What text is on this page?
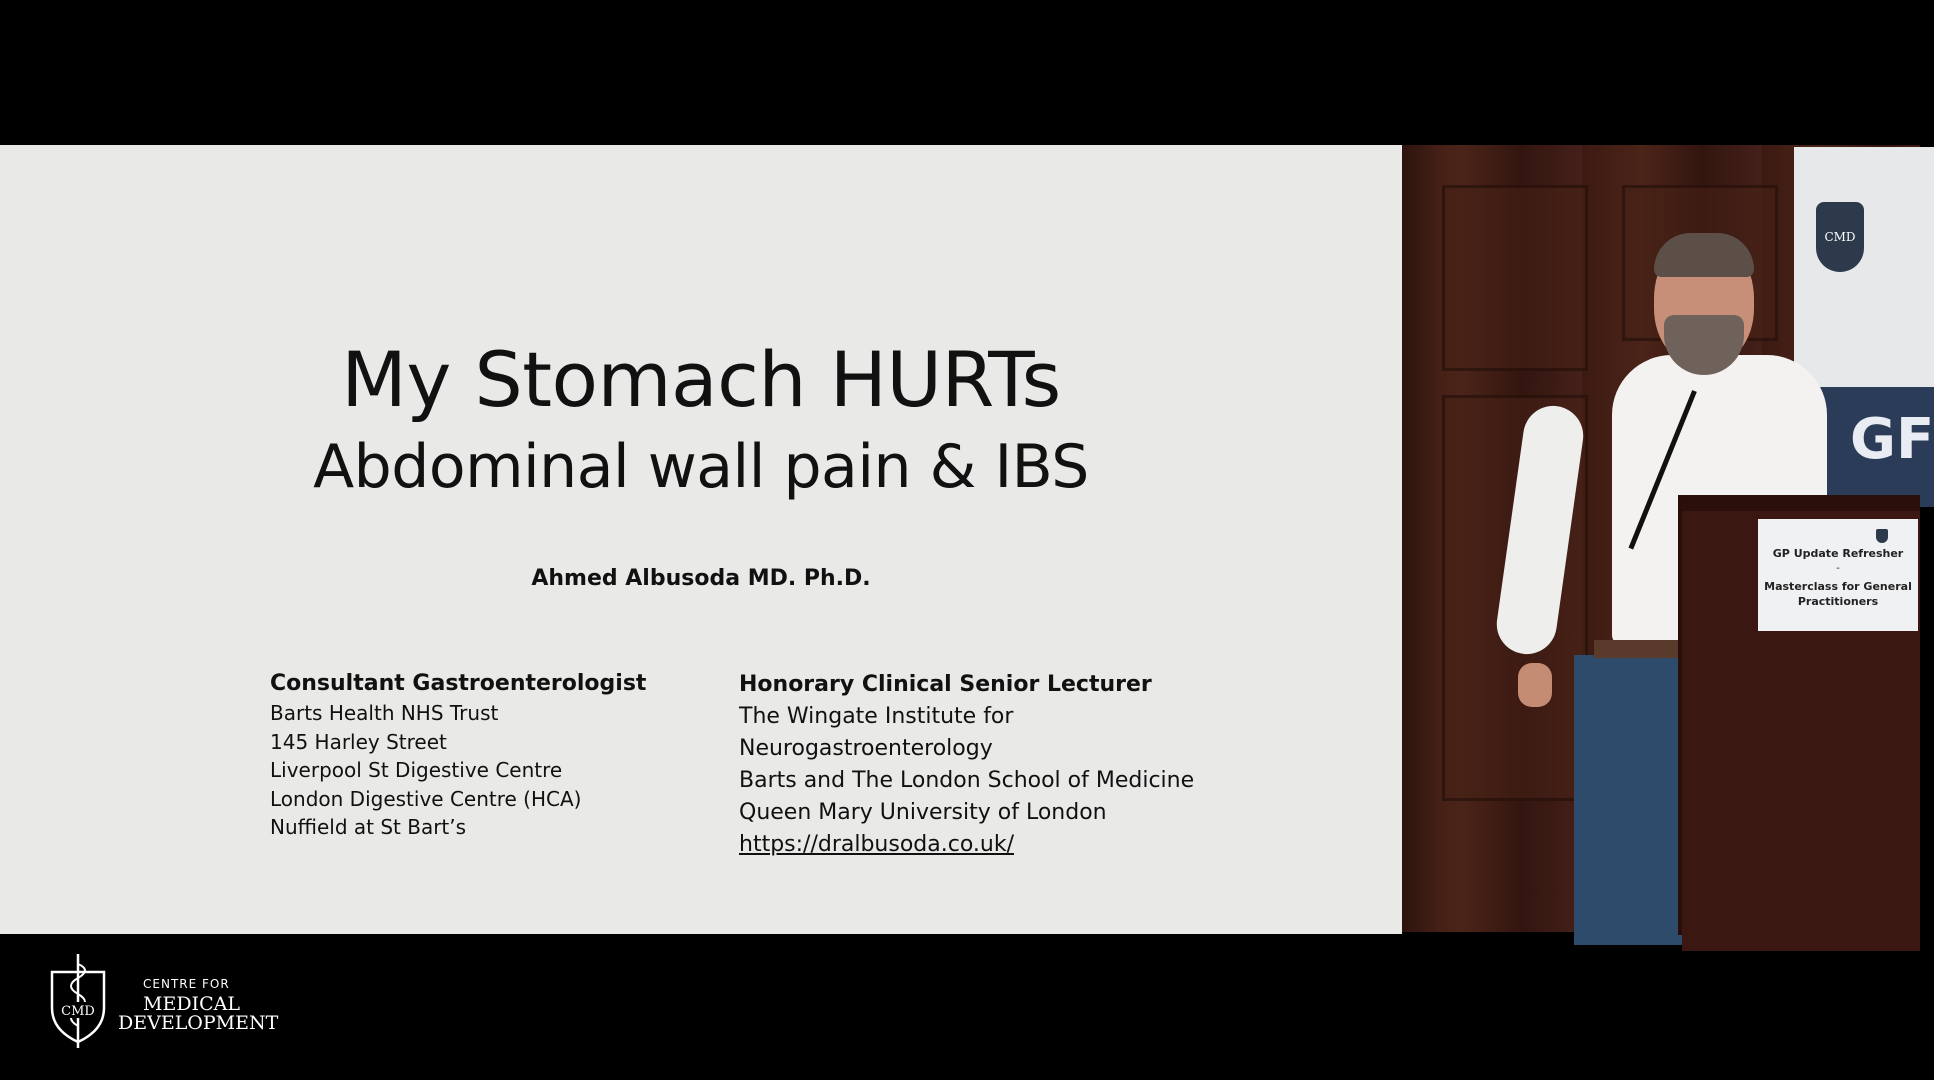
My Stomach HURTs
Abdominal wall pain & IBS
Ahmed Albusoda MD. Ph.D.
Consultant Gastroenterologist
Barts Health NHS Trust
145 Harley Street
Liverpool St Digestive Centre
London Digestive Centre (HCA)
Nuffield at St Bart’s
Honorary Clinical Senior Lecturer
The Wingate Institute for
Neurogastroenterology
Barts and The London School of Medicine
Queen Mary University of London
https://dralbusoda.co.uk/
CMD
GF
GP Update Refresher
-
Masterclass for General Practitioners
CMD
CENTRE FOR
MEDICAL
DEVELOPMENT
